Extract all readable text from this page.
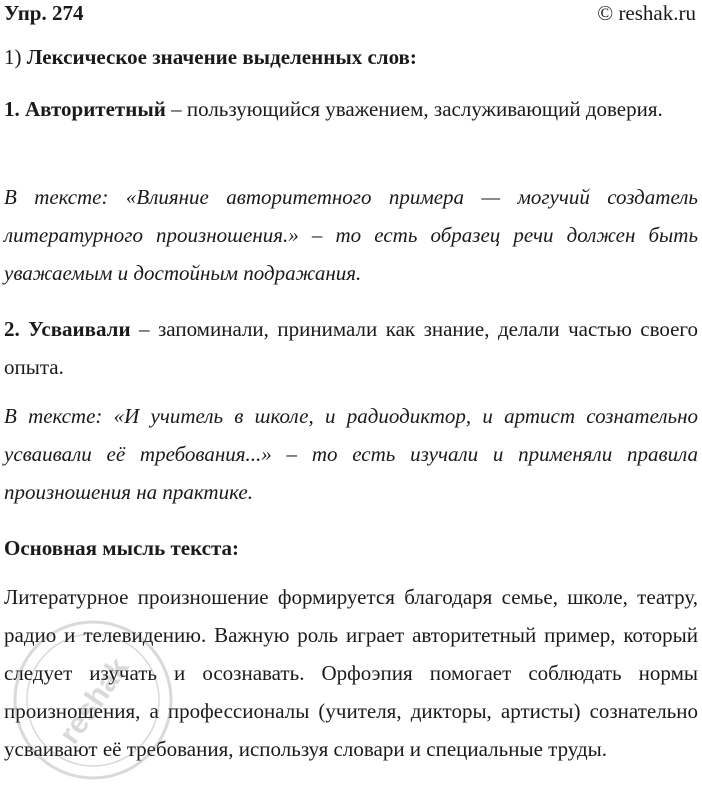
Упр. 274	© reshak.ru

1) Лексическое значение выделенных слов:

1. Авторитетный – пользующийся уважением, заслуживающий доверия.

В тексте: «Влияние авторитетного примера — могучий создатель литературного произношения.» – то есть образец речи должен быть уважаемым и достойным подражания.

2. Усваивали – запоминали, принимали как знание, делали частью своего опыта.

В тексте: «И учитель в школе, и радиодиктор, и артист сознательно усваивали её требования...» – то есть изучали и применяли правила произношения на практике.

Основная мысль текста:

Литературное произношение формируется благодаря семье, школе, театру, радио и телевидению. Важную роль играет авторитетный пример, который следует изучать и осознавать. Орфоэпия помогает соблюдать нормы произношения, а профессионалы (учителя, дикторы, артисты) сознательно усваивают её требования, используя словари и специальные труды.

reshak
